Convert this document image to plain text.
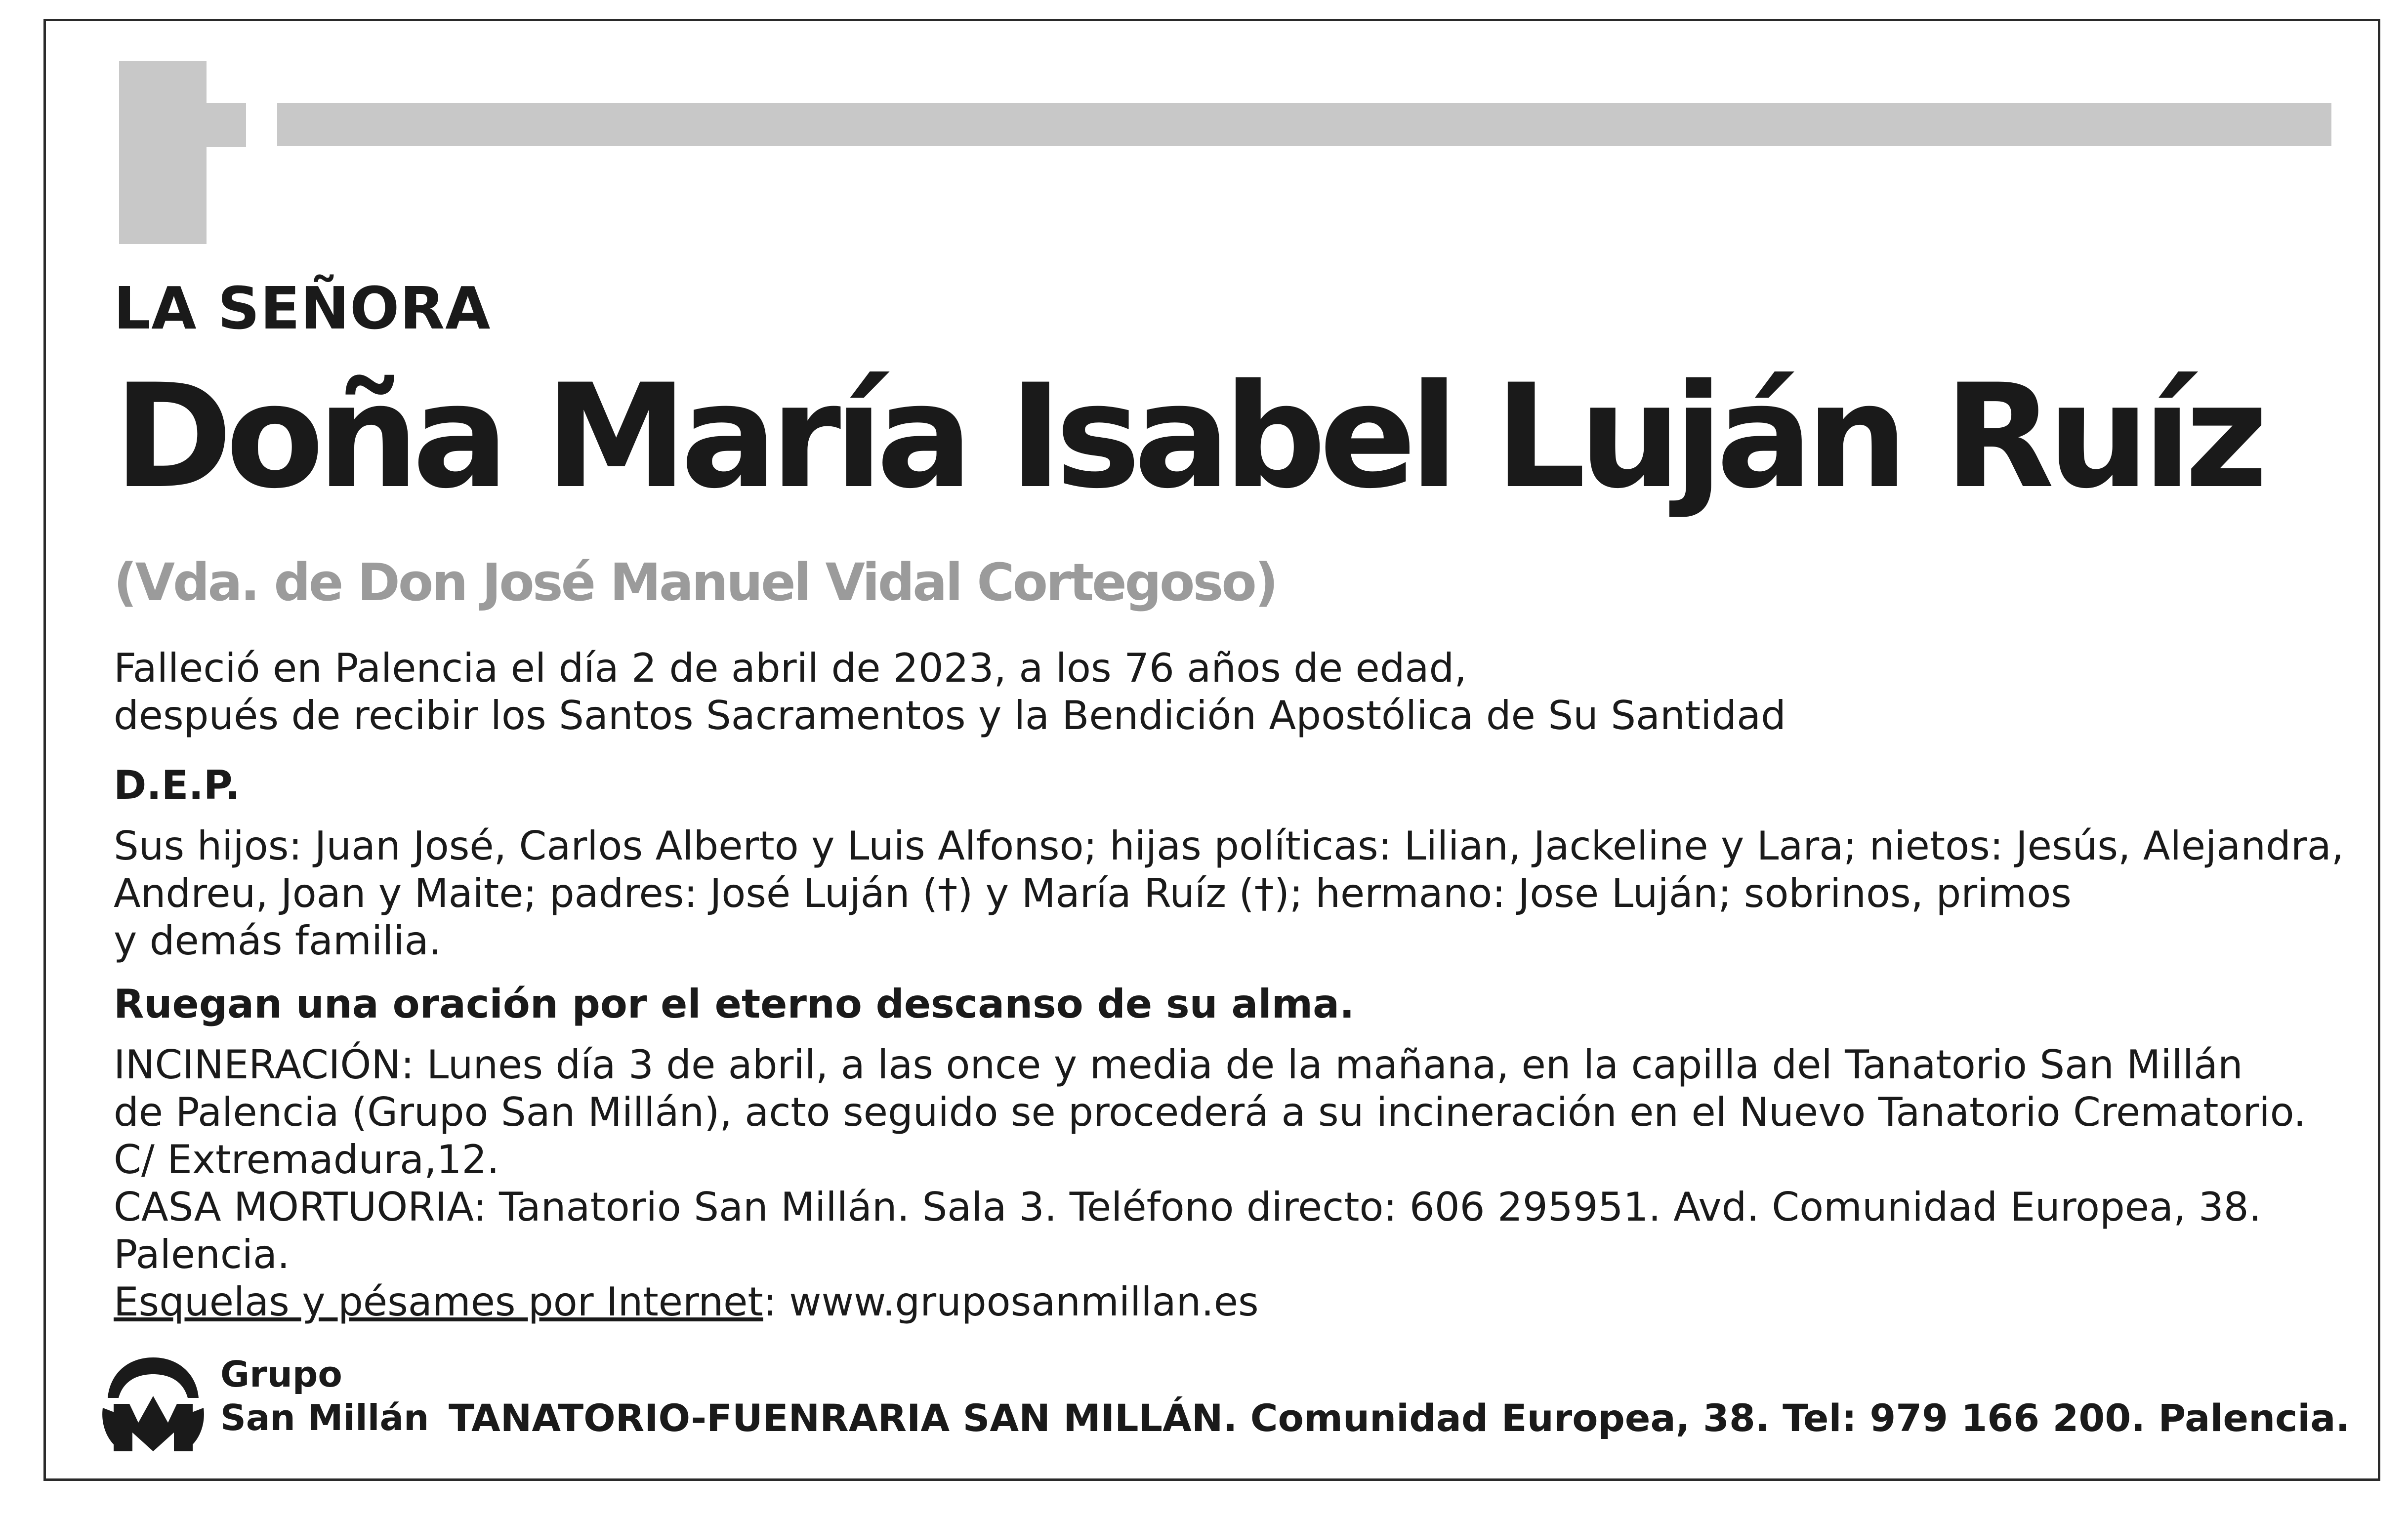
LA SEÑORA

Doña María Isabel Luján Ruíz

(Vda. de Don José Manuel Vidal Cortegoso)

Falleció en Palencia el día 2 de abril de 2023, a los 76 años de edad,
después de recibir los Santos Sacramentos y la Bendición Apostólica de Su Santidad

D.E.P.

Sus hijos: Juan José, Carlos Alberto y Luis Alfonso; hijas políticas: Lilian, Jackeline y Lara; nietos: Jesús, Alejandra,
Andreu, Joan y Maite; padres: José Luján (†) y María Ruíz (†); hermano: Jose Luján; sobrinos, primos
y demás familia.

Ruegan una oración por el eterno descanso de su alma.

INCINERACIÓN: Lunes día 3 de abril, a las once y media de la mañana, en la capilla del Tanatorio San Millán
de Palencia (Grupo San Millán), acto seguido se procederá a su incineración en el Nuevo Tanatorio Crematorio.
C/ Extremadura,12.
CASA MORTUORIA: Tanatorio San Millán. Sala 3. Teléfono directo: 606 295951. Avd. Comunidad Europea, 38.
Palencia.
Esquelas y pésames por Internet: www.gruposanmillan.es
Grupo
San Millán TANATORIO-FUENRARIA SAN MILLÁN. Comunidad Europea, 38. Tel: 979 166 200. Palencia.
